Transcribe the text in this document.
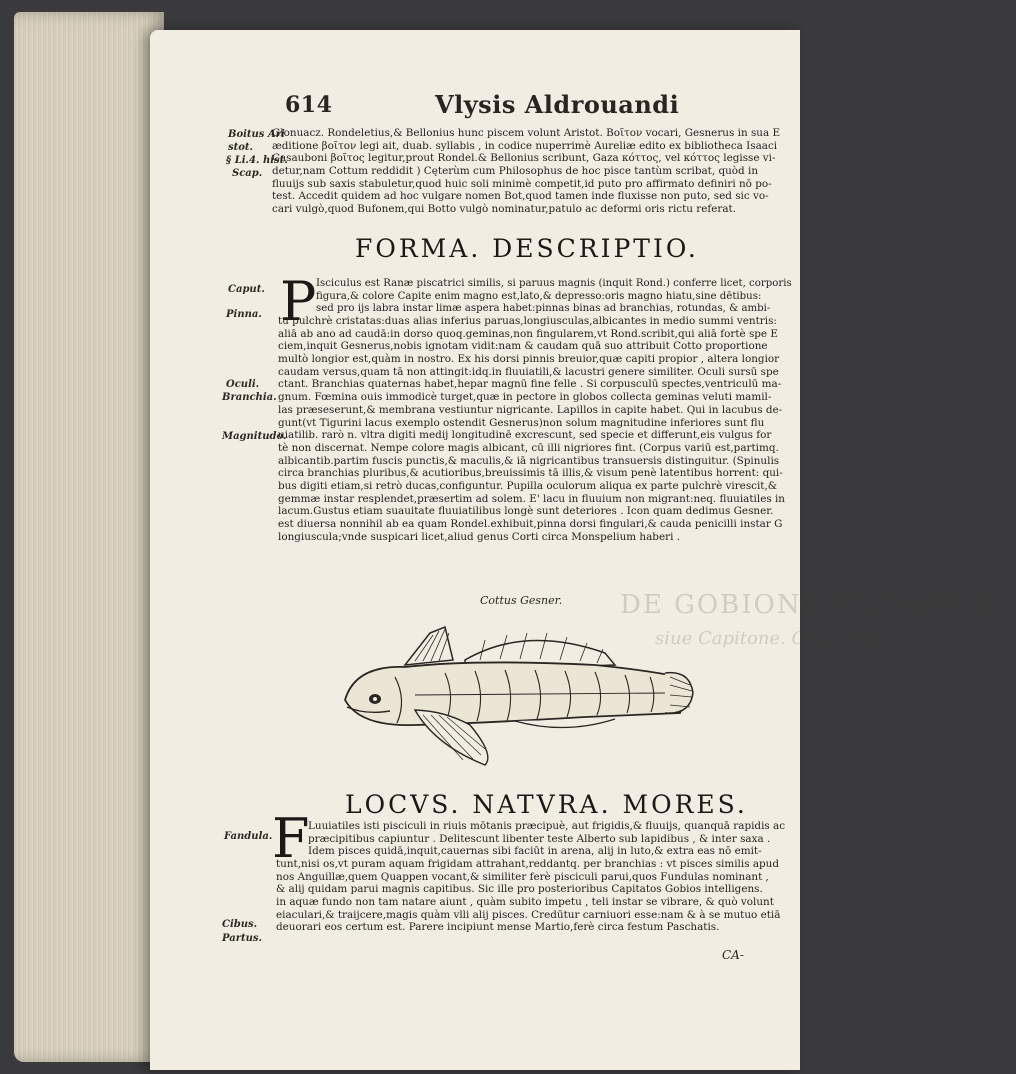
DE GOBIONE FLVVIATILI,
siue Capitone. Cap. XVIII.
614	Vlysis Aldrouandi
Boitus Ari
stot.
§ Li.4. hist.
Scap.
Glonuacz. Rondeletius,& Bellonius hunc piscem volunt Aristot. Βοῖτον vocari, Gesnerus in sua E
æditione βοῖτον legi ait, duab. syllabis , in codice nuperrimè Aureliæ edito ex bibliotheca Isaaci
Casauboni βοῖτος legitur,prout Rondel.& Bellonius scribunt, Gaza κόττος, vel κόττος legisse vi-
detur,nam Cottum reddidit ) Cęterùm cum Philosophus de hoc pisce tantùm scribat, quòd in
fluuijs sub saxis stabuletur,quod huic soli minimè competit,id puto pro affirmato definiri nō po-
test. Accedit quidem ad hoc vulgare nomen Bot,quod tamen inde fluxisse non puto, sed sic vo-
cari vulgò,quod Bufonem,qui Botto vulgò nominatur,patulo ac deformi oris rictu referat.
FORMA. DESCRIPTIO.
P
Caput.
Pinna.
Oculi.
Branchia.
Magnitudo.
Isciculus est Ranæ piscatrici similis, si paruus magnis (inquit Rond.) conferre licet, corporis
figura,& colore Capite enim magno est,lato,& depresso:oris magno hiatu,sine dētibus:
sed pro ijs labra instar limæ aspera habet:pinnas binas ad branchias, rotundas, & ambi-
tu pulchrè cristatas:duas alias inferius paruas,longiusculas,albicantes in medio summi ventris:
aliā ab ano ad caudā:in dorso quoq.geminas,non fingularem,vt Rond.scribit,qui aliā fortè spe E
ciem,inquit Gesnerus,nobis ignotam vidit:nam & caudam quā suo attribuit Cotto proportione
multò longior est,quàm in nostro. Ex his dorsi pinnis breuior,quæ capiti propior , altera longior
caudam versus,quam tā non attingit:idq.in fluuiatili,& lacustri genere similiter. Oculi sursū spe
ctant. Branchias quaternas habet,hepar magnū fine felle . Si corpusculū spectes,ventriculū ma-
gnum. Fœmina ouis immodicè turget,quæ in pectore in globos collecta geminas veluti mamil-
las præseserunt,& membrana vestiuntur nigricante. Lapillos in capite habet. Qui in lacubus de-
gunt(vt Tigurini lacus exemplo ostendit Gesnerus)non solum magnitudine inferiores sunt flu
uiatilib. rarò n. vltra digiti medij longitudinē excrescunt, sed specie et differunt,eis vulgus for
tè non discernat. Nempe colore magis albicant, cū illi nigriores fint. (Corpus variū est,partimq.
albicantib.partim fuscis punctis,& maculis,& iā nigricantibus transuersis distinguitur. (Spinulis
circa branchias pluribus,& acutioribus,breuissimis tā illis,& visum penè latentibus horrent: qui-
bus digiti etiam,si retrò ducas,configuntur. Pupilla oculorum aliqua ex parte pulchrè virescit,&
gemmæ instar resplendet,præsertim ad solem. E' lacu in fluuium non migrant:neq. fluuiatiles in
lacum.Gustus etiam suauitate fluuiatilibus longè sunt deteriores . Icon quam dedimus Gesner.
est diuersa nonnihil ab ea quam Rondel.exhibuit,pinna dorsi fingulari,& cauda penicilli instar G
longiuscula;vnde suspicari licet,aliud genus Corti circa Monspelium haberi .
Cottus Gesner.
LOCVS. NATVRA. MORES.
F
Fandula.
Cibus.
Partus.
Luuiatiles isti pisciculi in riuis mōtanis præcipuè, aut frigidis,& fluuijs, quanquā rapidis ac
præcipitibus capiuntur . Delitescunt libenter teste Alberto sub lapidibus , & inter saxa .
Idem pisces quidā,inquit,cauernas sibi faciūt in arena, alij in luto,& extra eas nō emit-
tunt,nisi os,vt puram aquam frigidam attrahant,reddantq. per branchias : vt pisces similis apud
nos Anguillæ,quem Quappen vocant,& similiter ferè pisciculi parui,quos Fundulas nominant ,
& alij quidam parui magnis capitibus. Sic ille pro posterioribus Capitatos Gobios intelligens.
in aquæ fundo non tam natare aiunt , quàm subito impetu , teli instar se vibrare, & quò volunt
eiaculari,& traijcere,magis quàm vlli alij pisces. Credūtur carniuori esse:nam & à se mutuo etiā
deuorari eos certum est. Parere incipiunt mense Martio,ferè circa festum Paschatis.
CA-
